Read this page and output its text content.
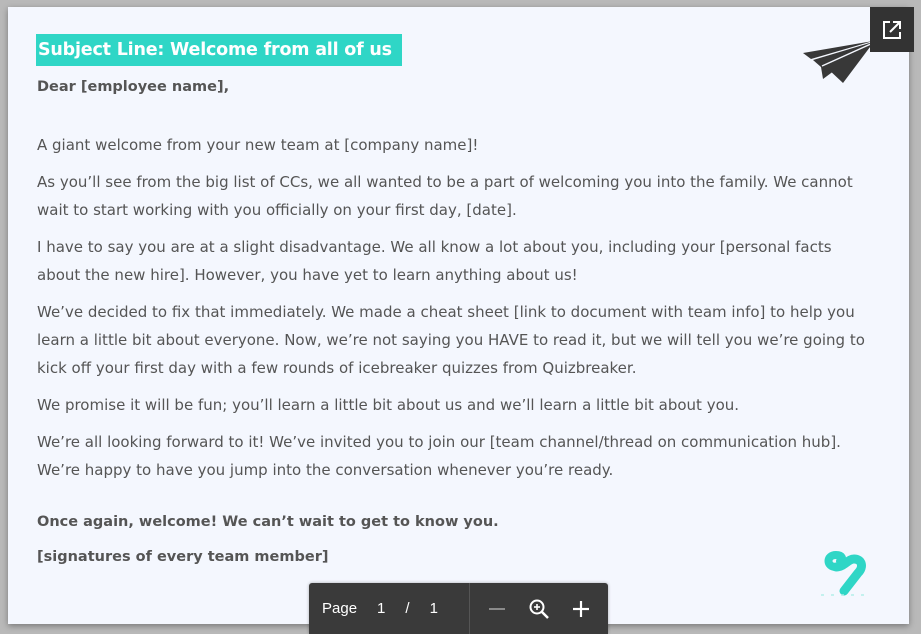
Subject Line: Welcome from all of us
Dear [employee name],

A giant welcome from your new team at [company name]!

As you’ll see from the big list of CCs, we all wanted to be a part of welcoming you into the family. We cannot wait to start working with you officially on your first day, [date].

I have to say you are at a slight disadvantage. We all know a lot about you, including your [personal facts about the new hire]. However, you have yet to learn anything about us!

We’ve decided to fix that immediately. We made a cheat sheet [link to document with team info] to help you learn a little bit about everyone. Now, we’re not saying you HAVE to read it, but we will tell you we’re going to kick off your first day with a few rounds of icebreaker quizzes from Quizbreaker.

We promise it will be fun; you’ll learn a little bit about us and we’ll learn a little bit about you.

We’re all looking forward to it! We’ve invited you to join our [team channel/thread on communication hub]. We’re happy to have you jump into the conversation whenever you’re ready.

Once again, welcome! We can’t wait to get to know you.
[signatures of every team member]
Page 1 / 1
